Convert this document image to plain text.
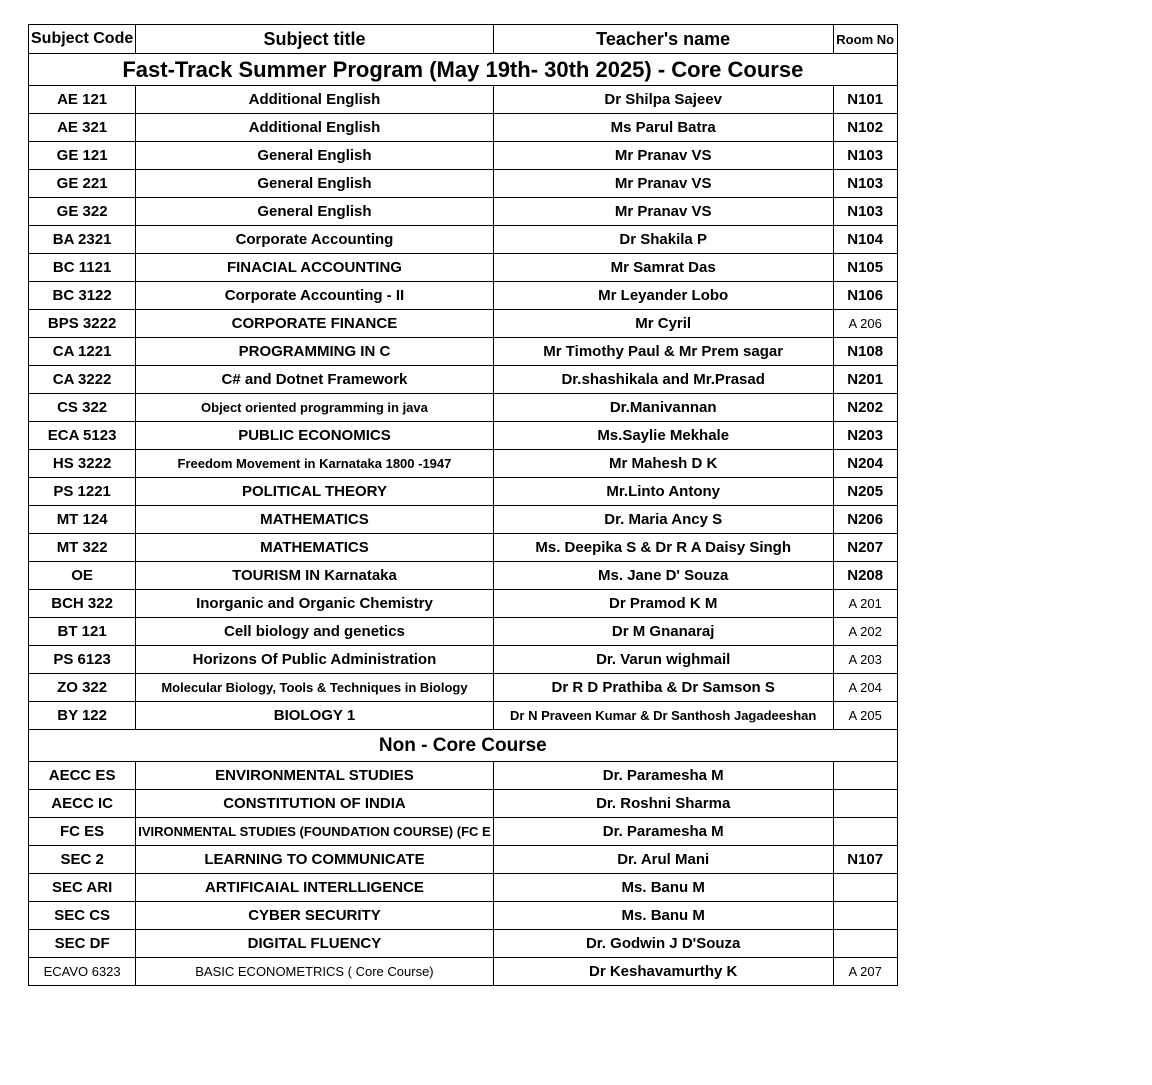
Subject Code	Subject title	Teacher's name	Room No
Fast-Track Summer Program (May 19th- 30th 2025) - Core Course			
AE 121	Additional English	Dr Shilpa Sajeev	N101
AE 321	Additional English	Ms Parul Batra	N102
GE 121	General English	Mr Pranav VS	N103
GE 221	General English	Mr Pranav VS	N103
GE 322	General English	Mr Pranav VS	N103
BA 2321	Corporate Accounting	Dr Shakila P	N104
BC 1121	FINACIAL ACCOUNTING	Mr Samrat Das	N105
BC 3122	Corporate Accounting - II	Mr Leyander Lobo	N106
BPS 3222	CORPORATE FINANCE	Mr Cyril	A 206
CA 1221	PROGRAMMING IN C	Mr Timothy Paul & Mr Prem sagar	N108
CA 3222	C# and Dotnet Framework	Dr.shashikala and Mr.Prasad	N201
CS 322	Object oriented programming in java	Dr.Manivannan	N202
ECA 5123	PUBLIC ECONOMICS	Ms.Saylie Mekhale	N203
HS 3222	Freedom Movement in Karnataka 1800 -1947	Mr Mahesh D K	N204
PS 1221	POLITICAL THEORY	Mr.Linto Antony	N205
MT 124	MATHEMATICS	Dr. Maria Ancy S	N206
MT 322	MATHEMATICS	Ms. Deepika S & Dr R A Daisy Singh	N207
OE	TOURISM IN Karnataka	Ms. Jane D' Souza	N208
BCH 322	Inorganic and Organic Chemistry	Dr Pramod K M	A 201
BT 121	Cell biology and genetics	Dr M Gnanaraj	A 202
PS 6123	Horizons Of Public Administration	Dr. Varun wighmail	A 203
ZO 322	Molecular Biology, Tools & Techniques in Biology	Dr R D Prathiba & Dr Samson S	A 204
BY 122	BIOLOGY 1	Dr N Praveen Kumar & Dr Santhosh Jagadeeshan	A 205
Non - Core Course			
AECC ES	ENVIRONMENTAL STUDIES	Dr. Paramesha M	
AECC IC	CONSTITUTION OF INDIA	Dr. Roshni Sharma	
FC ES	IVIRONMENTAL STUDIES (FOUNDATION COURSE) (FC E	Dr. Paramesha M	
SEC 2	LEARNING TO COMMUNICATE	Dr. Arul Mani	N107
SEC ARI	ARTIFICAIAL INTERLLIGENCE	Ms. Banu M	
SEC CS	CYBER SECURITY	Ms. Banu M	
SEC DF	DIGITAL FLUENCY	Dr. Godwin J D'Souza	
ECAVO 6323	BASIC ECONOMETRICS ( Core Course)	Dr Keshavamurthy K	A 207
